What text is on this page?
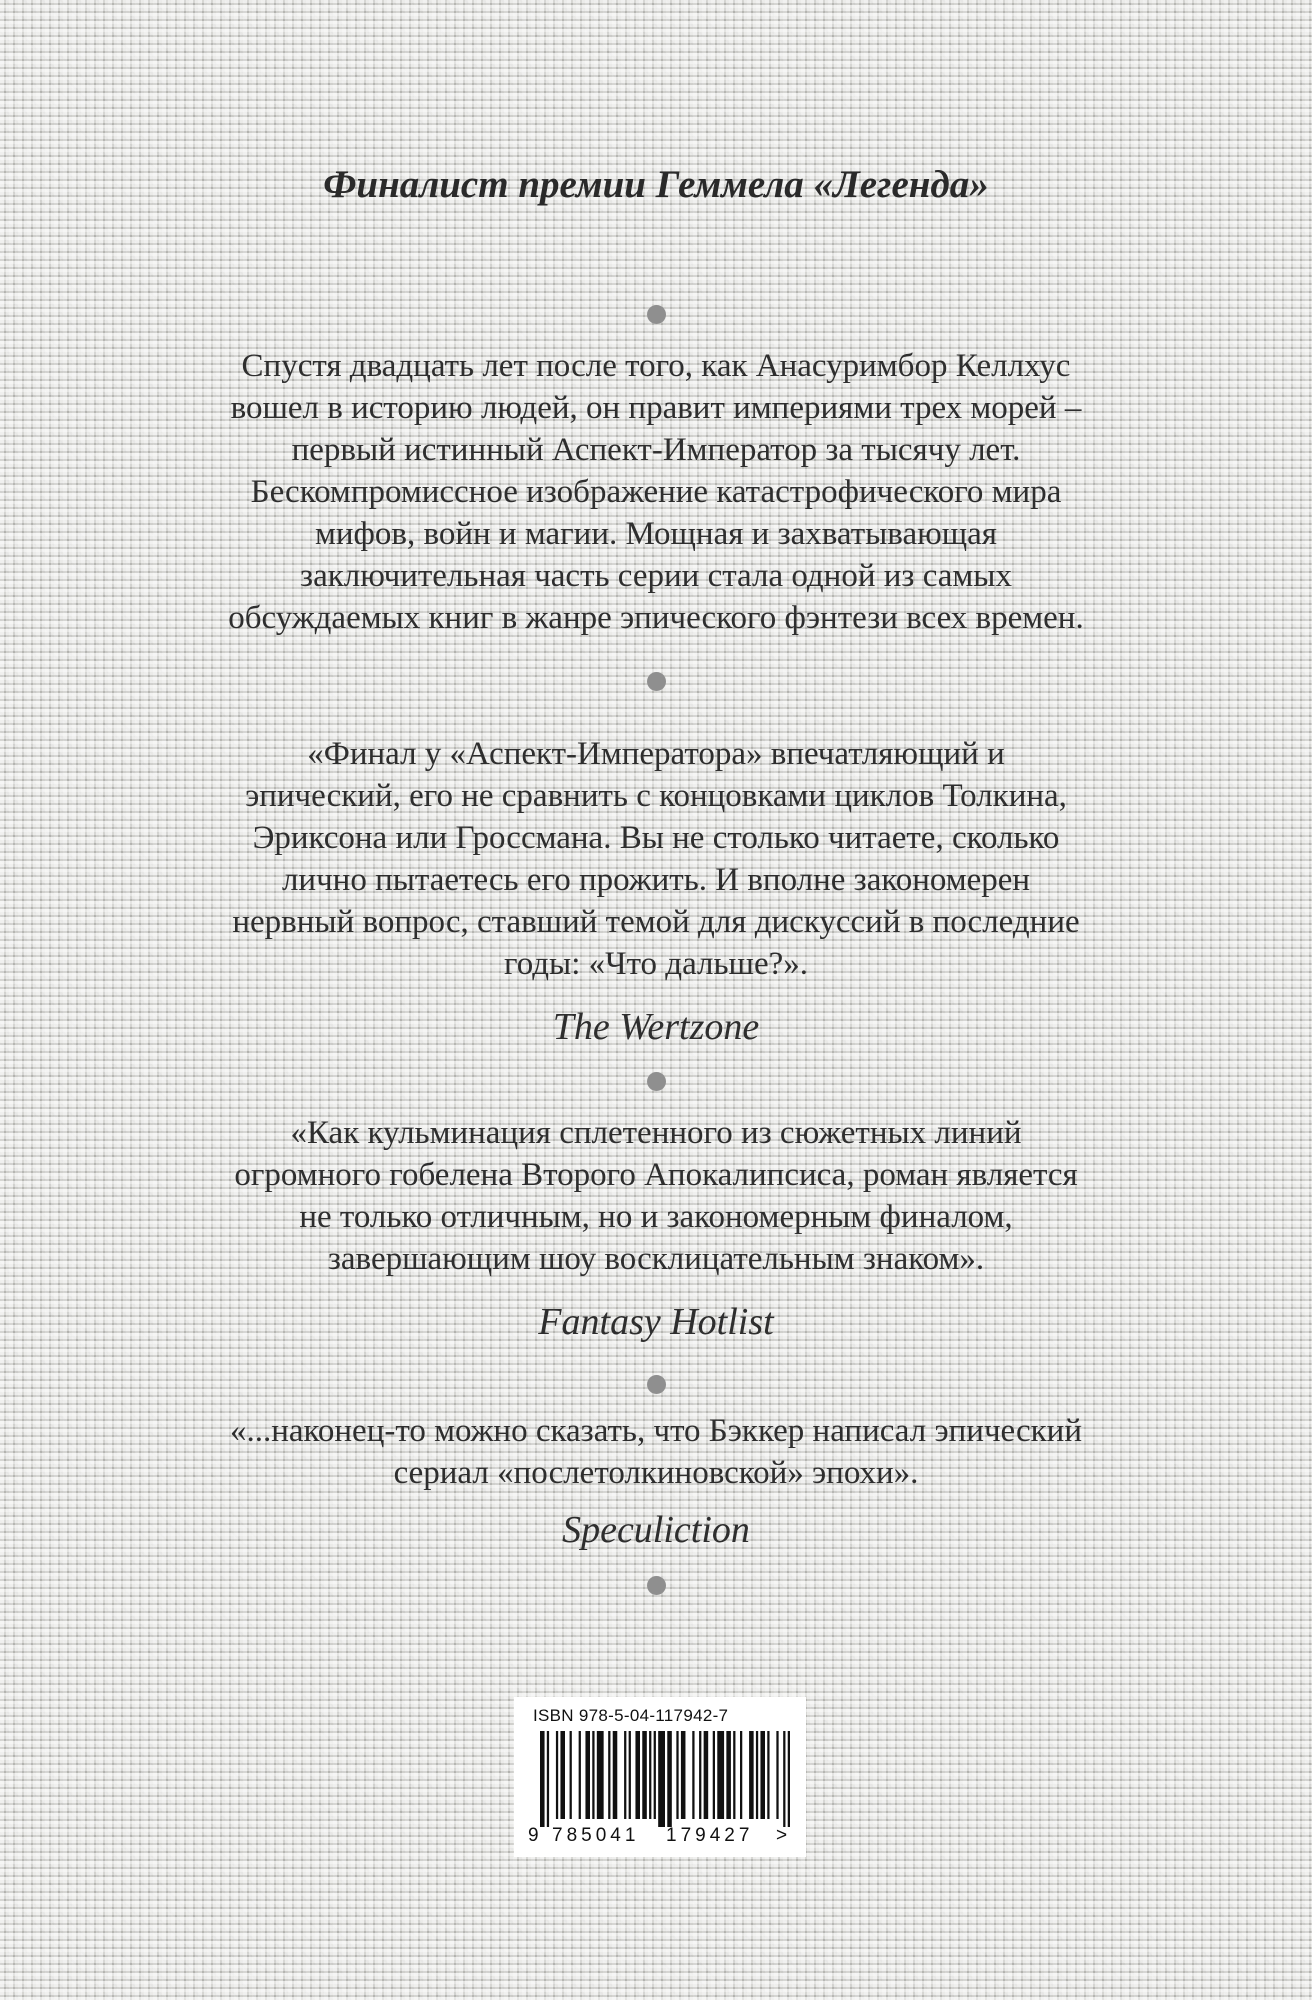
Финалист премии Геммела «Легенда»
Спустя двадцать лет после того, как Анасуримбор Келлхус
вошел в историю людей, он правит империями трех морей –
первый истинный Аспект-Император за тысячу лет.
Бескомпромиссное изображение катастрофического мира
мифов, войн и магии. Мощная и захватывающая
заключительная часть серии стала одной из самых
обсуждаемых книг в жанре эпического фэнтези всех времен.
«Финал у «Аспект-Императора» впечатляющий и
эпический, его не сравнить с концовками циклов Толкина,
Эриксона или Гроссмана. Вы не столько читаете, сколько
лично пытаетесь его прожить. И вполне закономерен
нервный вопрос, ставший темой для дискуссий в последние
годы: «Что дальше?».
The Wertzone
«Как кульминация сплетенного из сюжетных линий
огромного гобелена Второго Апокалипсиса, роман является
не только отличным, но и закономерным финалом,
завершающим шоу восклицательным знаком».
Fantasy Hotlist
«...наконец-то можно сказать, что Бэккер написал эпический
сериал «послетолкиновской» эпохи».
Speculiction
ISBN 978-5-04-117942-7
9 785041 179427 >
